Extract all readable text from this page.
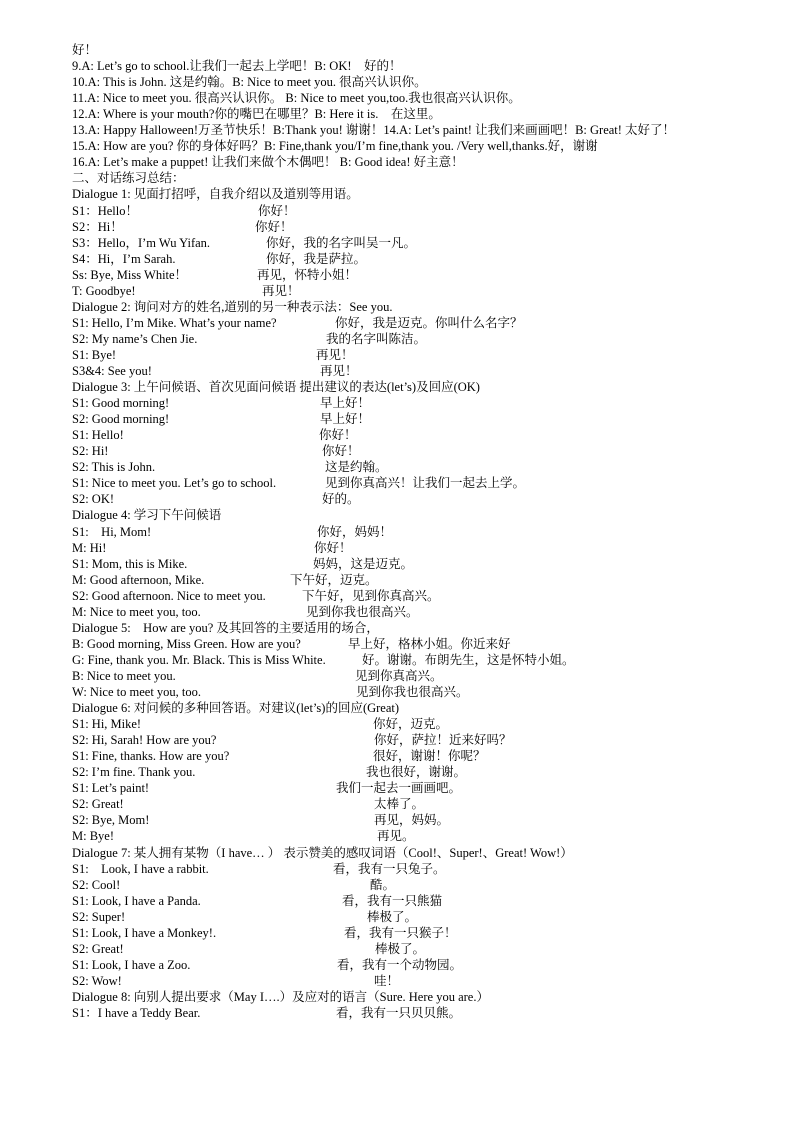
好！
9.A: Let’s go to school.让我们一起去上学吧！B: OK!　好的！
10.A: This is John. 这是约翰。B: Nice to meet you. 很高兴认识你。
11.A: Nice to meet you. 很高兴认识你。 B: Nice to meet you,too.我也很高兴认识你。
12.A: Where is your mouth?你的嘴巴在哪里？B: Here it is.　在这里。
13.A: Happy Halloween!万圣节快乐！B:Thank you! 谢谢！14.A: Let’s paint! 让我们来画画吧！B: Great! 太好了！
15.A: How are you? 你的身体好吗？B: Fine,thank you/I’m fine,thank you. /Very well,thanks.好，谢谢
16.A: Let’s make a puppet! 让我们来做个木偶吧！ B: Good idea! 好主意！
二、对话练习总结：
Dialogue 1: 见面打招呼，自我介绍以及道别等用语。
S1：Hello！	你好！
S2：Hi！	你好！
S3：Hello，I’m Wu Yifan.	你好，我的名字叫吴一凡。
S4：Hi，I’m Sarah.	你好，我是萨拉。
Ss: Bye, Miss White！	再见，怀特小姐！
T: Goodbye!	再见！
Dialogue 2: 询问对方的姓名,道别的另一种表示法：See you.
S1: Hello, I’m Mike. What’s your name?	你好，我是迈克。你叫什么名字？
S2: My name’s Chen Jie.	我的名字叫陈洁。
S1: Bye!	再见！
S3&4: See you!	再见！
Dialogue 3: 上午问候语、首次见面问候语 提出建议的表达(let’s)及回应(OK)
S1: Good morning!	早上好！
S2: Good morning!	早上好！
S1: Hello!	你好！
S2: Hi!	你好！
S2: This is John.	这是约翰。
S1: Nice to meet you. Let’s go to school.	见到你真高兴！让我们一起去上学。
S2: OK!	好的。
Dialogue 4: 学习下午问候语
S1:　Hi, Mom!	你好，妈妈！
M: Hi!	你好！
S1: Mom, this is Mike.	妈妈，这是迈克。
M: Good afternoon, Mike.	下午好，迈克。
S2: Good afternoon. Nice to meet you.	下午好，见到你真高兴。
M: Nice to meet you, too.	见到你我也很高兴。
Dialogue 5:　How are you? 及其回答的主要适用的场合，
B: Good morning, Miss Green. How are you?	早上好，格林小姐。你近来好
G: Fine, thank you. Mr. Black. This is Miss White.	好。谢谢。布朗先生，这是怀特小姐。
B: Nice to meet you.	见到你真高兴。
W: Nice to meet you, too.	见到你我也很高兴。
Dialogue 6: 对问候的多种回答语。对建议(let’s)的回应(Great)
S1: Hi, Mike!	你好，迈克。
S2: Hi, Sarah! How are you?	你好，萨拉！近来好吗？
S1: Fine, thanks. How are you?	很好，谢谢！你呢？
S2: I’m fine. Thank you.	我也很好，谢谢。
S1: Let’s paint!	我们一起去一画画吧。
S2: Great!	太棒了。
S2: Bye, Mom!	再见，妈妈。
M: Bye!	再见。
Dialogue 7: 某人拥有某物（I have… ） 表示赞美的感叹词语（Cool!、Super!、Great! Wow!）
S1:　Look, I have a rabbit.	看，我有一只兔子。
S2: Cool!	酷。
S1: Look, I have a Panda.	看，我有一只熊猫
S2: Super!	棒极了。
S1: Look, I have a Monkey!.	看，我有一只猴子！
S2: Great!	棒极了。
S1: Look, I have a Zoo.	看，我有一个动物园。
S2: Wow!	哇！
Dialogue 8: 向别人提出要求（May I….）及应对的语言（Sure. Here you are.）
S1：I have a Teddy Bear.	看，我有一只贝贝熊。
